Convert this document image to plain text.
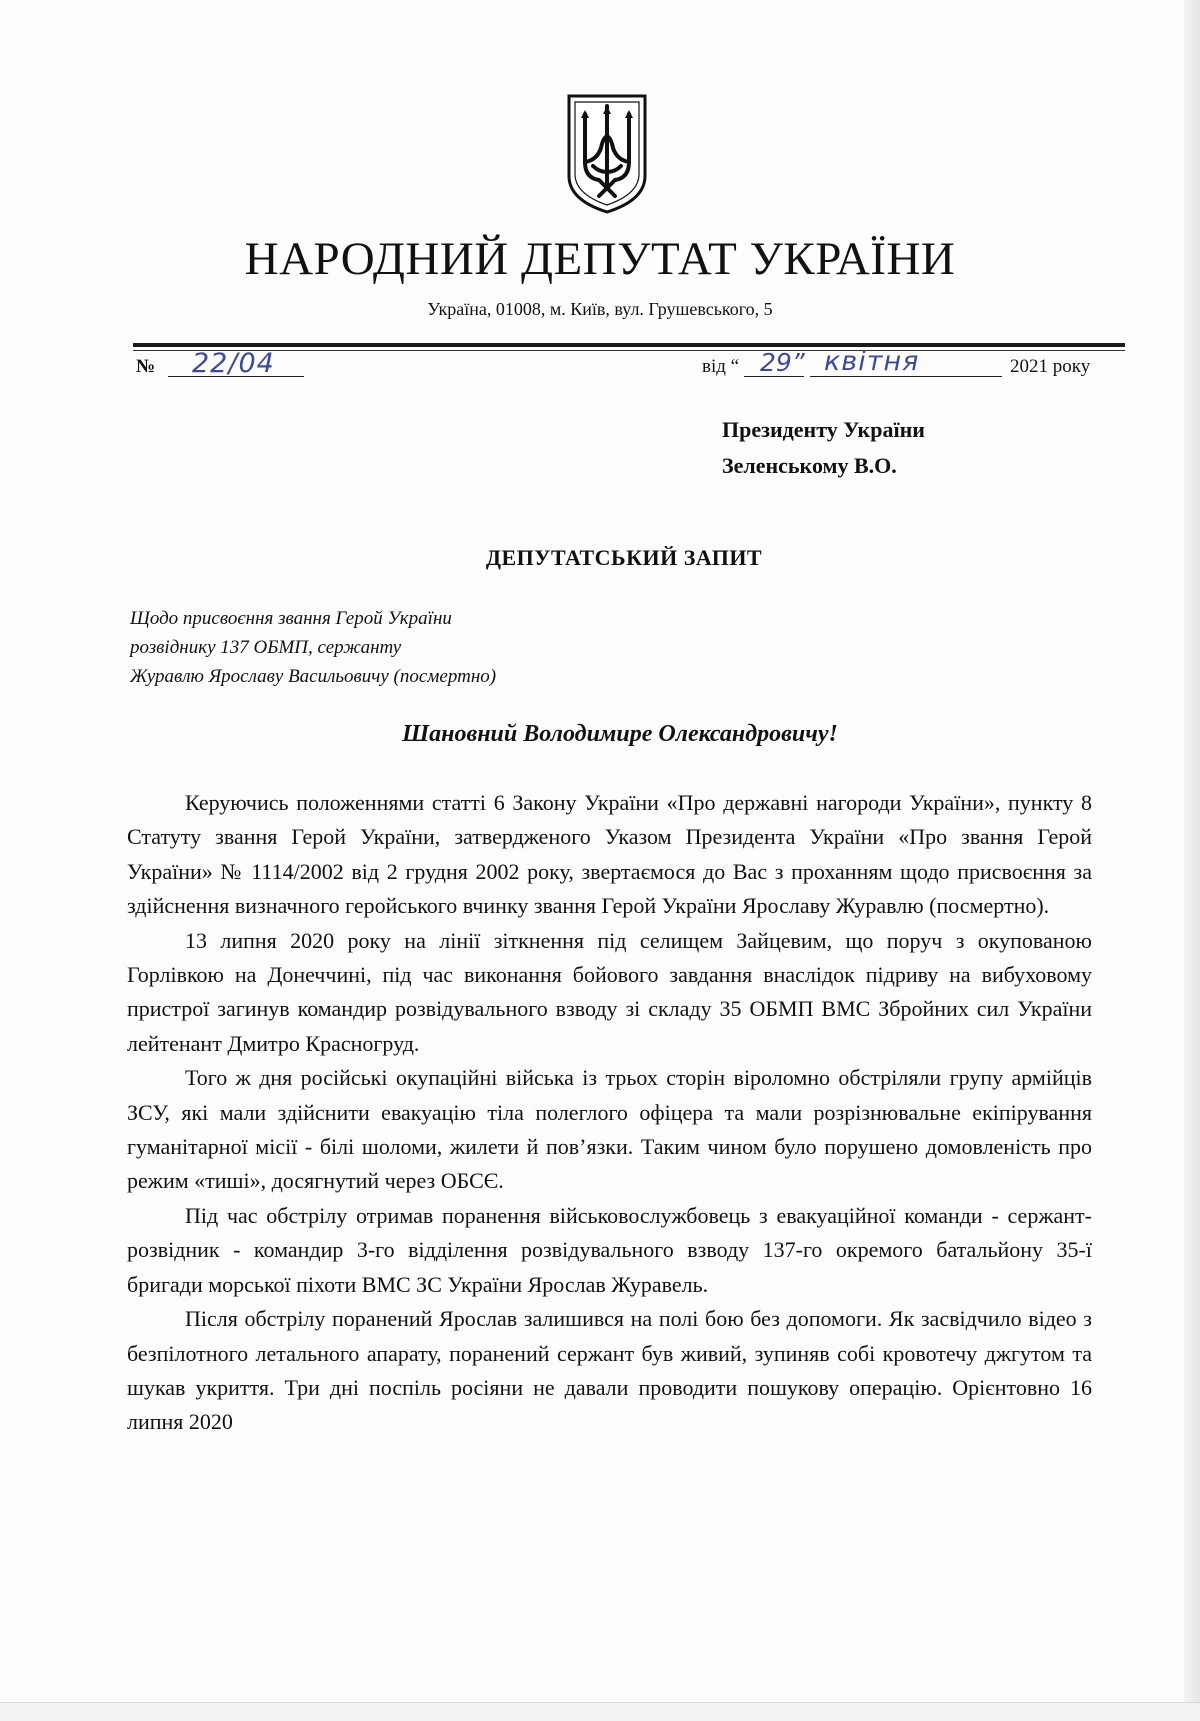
НАРОДНИЙ ДЕПУТАТ УКРАЇНИ
Україна, 01008, м. Київ, вул. Грушевського, 5
№ 22/04	від “ 29” квітня	2021 року
Президенту України
Зеленському В.О.
ДЕПУТАТСЬКИЙ ЗАПИТ
Щодо присвоєння звання Герой України
розвіднику 137 ОБМП, сержанту
Журавлю Ярославу Васильовичу (посмертно)
Шановний Володимире Олександровичу!

Керуючись положеннями статті 6 Закону України «Про державні нагороди України», пункту 8 Статуту звання Герой України, затвердженого Указом Президента України «Про звання Герой України» № 1114/2002 від 2 грудня 2002 року, звертаємося до Вас з проханням щодо присвоєння за здійснення визначного геройського вчинку звання Герой України Ярославу Журавлю (посмертно).

13 липня 2020 року на лінії зіткнення під селищем Зайцевим, що поруч з окупованою Горлівкою на Донеччині, під час виконання бойового завдання внаслідок підриву на вибуховому пристрої загинув командир розвідувального взводу зі складу 35 ОБМП ВМС Збройних сил України лейтенант Дмитро Красногруд.

Того ж дня російські окупаційні війська із трьох сторін віроломно обстріляли групу армійців ЗСУ, які мали здійснити евакуацію тіла полеглого офіцера та мали розрізнювальне екіпірування гуманітарної місії - білі шоломи, жилети й пов’язки. Таким чином було порушено домовленість про режим «тиші», досягнутий через ОБСЄ.

Під час обстрілу отримав поранення військовослужбовець з евакуаційної команди - сержант-розвідник - командир 3-го відділення розвідувального взводу 137-го окремого батальйону 35-ї бригади морської піхоти ВМС ЗС України Ярослав Журавель.

Після обстрілу поранений Ярослав залишився на полі бою без допомоги. Як засвідчило відео з безпілотного летального апарату, поранений сержант був живий, зупиняв собі кровотечу джгутом та шукав укриття. Три дні поспіль росіяни не давали проводити пошукову операцію. Орієнтовно 16 липня 2020
